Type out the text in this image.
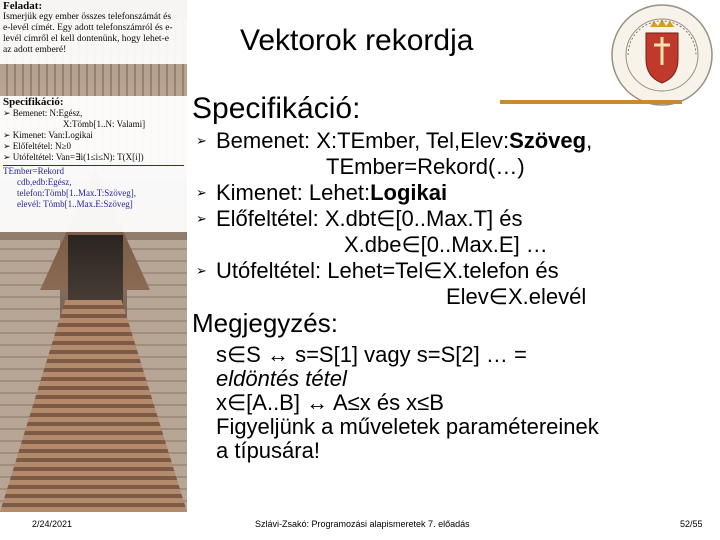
Feladat:
Ismerjük egy ember összes telefonszámát és
e-levél címét. Egy adott telefonszámról és e-
levél címről el kell dontenünk, hogy lehet-e
az adott emberé!
Specifikáció:
➢ Bemenet: N:Egész,
X:Tömb[1..N: Valami]
➢ Kimenet: Van:Logikai
➢ Előfeltétel: N≥0
➢ Utófeltétel: Van=∃i(1≤i≤N): T(X[i])
TEmber=Rekord
cdb,edb:Egész,
telefon:Tömb[1..Max.T:Szöveg],
elevél: Tömb[1..Max.E:Szöveg]
Vektorok rekordja
Specifikáció:
➢ Bemenet: X:TEmber, Tel,Elev:Szöveg,
TEmber=Rekord(…)
➢ Kimenet: Lehet:Logikai
➢ Előfeltétel: X.dbt∈[0..Max.T] és
X.dbe∈[0..Max.E] …
➢ Utófeltétel: Lehet=Tel∈X.telefon és
Elev∈X.elevél
Megjegyzés:
s∈S ↔ s=S[1] vagy s=S[2] … =
eldöntés tétel
x∈[A..B] ↔ A≤x és x≤B
Figyeljünk a műveletek paramétereinek
a típusára!
2/24/2021	Szlávi-Zsakó: Programozási alapismeretek 7. előadás	52/55
